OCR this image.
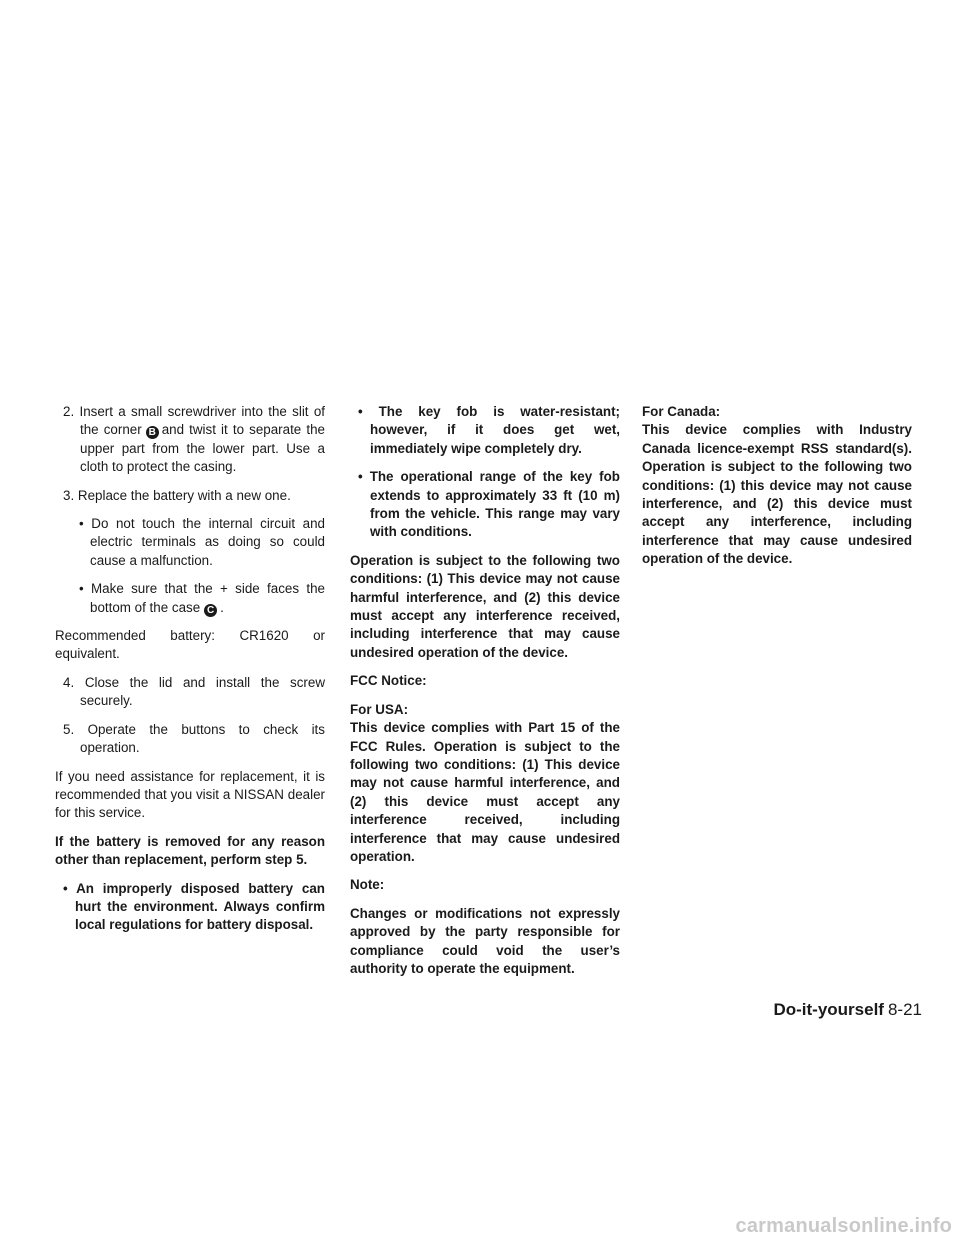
2. Insert a small screwdriver into the slit of the corner B and twist it to separate the upper part from the lower part. Use a cloth to protect the casing.

3. Replace the battery with a new one.

• Do not touch the internal circuit and electric terminals as doing so could cause a malfunction.

• Make sure that the + side faces the bottom of the case C .

Recommended battery: CR1620 or equivalent.

4. Close the lid and install the screw securely.

5. Operate the buttons to check its operation.

If you need assistance for replacement, it is recommended that you visit a NISSAN dealer for this service.

If the battery is removed for any reason other than replacement, perform step 5.

• An improperly disposed battery can hurt the environment. Always confirm local regulations for battery disposal.

• The key fob is water-resistant; however, if it does get wet, immediately wipe completely dry.

• The operational range of the key fob extends to approximately 33 ft (10 m) from the vehicle. This range may vary with conditions.

Operation is subject to the following two conditions: (1) This device may not cause harmful interference, and (2) this device must accept any interference received, including interference that may cause undesired operation of the device.

FCC Notice:

For USA:
This device complies with Part 15 of the FCC Rules. Operation is subject to the following two conditions: (1) This device may not cause harmful interference, and (2) this device must accept any interference received, including interference that may cause undesired operation.

Note:

Changes or modifications not expressly approved by the party responsible for compliance could void the user’s authority to operate the equipment.

For Canada:
This device complies with Industry Canada licence-exempt RSS standard(s). Operation is subject to the following two conditions: (1) this device may not cause interference, and (2) this device must accept any interference, including interference that may cause undesired operation of the device.

Do-it-yourself 8-21
carmanualsonline.info
